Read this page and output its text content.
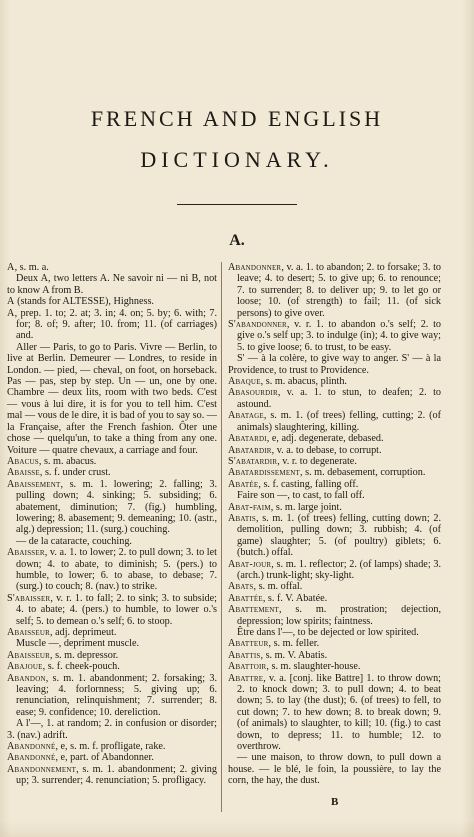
FRENCH AND ENGLISH
DICTIONARY.
A.

A, s. m. a.

Deux A, two letters A. Ne savoir ni — ni B, not to know A from B.

A (stands for ALTESSE), Highness.

A, prep. 1. to; 2. at; 3. in; 4. on; 5. by; 6. with; 7. for; 8. of; 9. after; 10. from; 11. (of carriages) and.

Aller — Paris, to go to Paris. Vivre — Berlin, to live at Berlin. Demeurer — Londres, to reside in London. — pied, — cheval, on foot, on horseback. Pas — pas, step by step. Un — un, one by one. Chambre — deux lits, room with two beds. C'est — vous à lui dire, it is for you to tell him. C'est mal — vous de le dire, it is bad of you to say so. — la Française, after the French fashion. Ôter une chose — quelqu'un, to take a thing from any one. Voiture — quatre chevaux, a carriage and four.

Abacus, s. m. abacus.

Abaisse, s. f. under crust.

Abaissement, s. m. 1. lowering; 2. falling; 3. pulling down; 4. sinking; 5. subsiding; 6. abatement, diminution; 7. (fig.) humbling, lowering; 8. abasement; 9. demeaning; 10. (astr., alg.) depression; 11. (surg.) couching.

— de la cataracte, couching.

Abaisser, v. a. 1. to lower; 2. to pull down; 3. to let down; 4. to abate, to diminish; 5. (pers.) to humble, to lower; 6. to abase, to debase; 7. (surg.) to couch; 8. (nav.) to strike.

S'abaisser, v. r. 1. to fall; 2. to sink; 3. to subside; 4. to abate; 4. (pers.) to humble, to lower o.'s self; 5. to demean o.'s self; 6. to stoop.

Abaisseur, adj. deprimeut.

Muscle —, depriment muscle.

Abaisseur, s. m. depressor.

Abajoue, s. f. cheek-pouch.

Abandon, s. m. 1. abandonment; 2. forsaking; 3. leaving; 4. forlornness; 5. giving up; 6. renunciation, relinquishment; 7. surrender; 8. ease; 9. confidence; 10. dereliction.

A l'—, 1. at random; 2. in confusion or disorder; 3. (nav.) adrift.

Abandonné, e, s. m. f. profligate, rake.

Abandonné, e, part. of Abandonner.

Abandonnement, s. m. 1. abandonment; 2. giving up; 3. surrender; 4. renunciation; 5. profligacy.

Abandonner, v. a. 1. to abandon; 2. to forsake; 3. to leave; 4. to desert; 5. to give up; 6. to renounce; 7. to surrender; 8. to deliver up; 9. to let go or loose; 10. (of strength) to fail; 11. (of sick persons) to give over.

S'abandonner, v. r. 1. to abandon o.'s self; 2. to give o.'s self up; 3. to indulge (in); 4. to give way; 5. to give loose; 6. to trust, to be easy.

S' — à la colère, to give way to anger. S' — à la Providence, to trust to Providence.

Abaque, s. m. abacus, plinth.

Abasourdir, v. a. 1. to stun, to deafen; 2. to astound.

Abatage, s. m. 1. (of trees) felling, cutting; 2. (of animals) slaughtering, killing.

Abatardi, e, adj. degenerate, debased.

Abatardir, v. a. to debase, to corrupt.

S'abatardir, v. r. to degenerate.

Abatardissement, s. m. debasement, corruption.

Abatée, s. f. casting, falling off.

Faire son —, to cast, to fall off.

Abat-faim, s. m. large joint.

Abatis, s. m. 1. (of trees) felling, cutting down; 2. demolition, pulling down; 3. rubbish; 4. (of game) slaughter; 5. (of poultry) giblets; 6. (butch.) offal.

Abat-jour, s. m. 1. reflector; 2. (of lamps) shade; 3. (arch.) trunk-light; sky-light.

Abats, s. m. offal.

Abattée, s. f. V. Abatée.

Abattement, s. m. prostration; dejection, depression; low spirits; faintness.

Être dans l'—, to be dejected or low spirited.

Abatteur, s. m. feller.

Abattis, s. m. V. Abatis.

Abattoir, s. m. slaughter-house.

Abattre, v. a. [conj. like Battre] 1. to throw down; 2. to knock down; 3. to pull down; 4. to beat down; 5. to lay (the dust); 6. (of trees) to fell, to cut down; 7. to hew down; 8. to break down; 9. (of animals) to slaughter, to kill; 10. (fig.) to cast down, to depress; 11. to humble; 12. to overthrow.

— une maison, to throw down, to pull down a house. — le blé, le foin, la poussière, to lay the corn, the hay, the dust.

B
